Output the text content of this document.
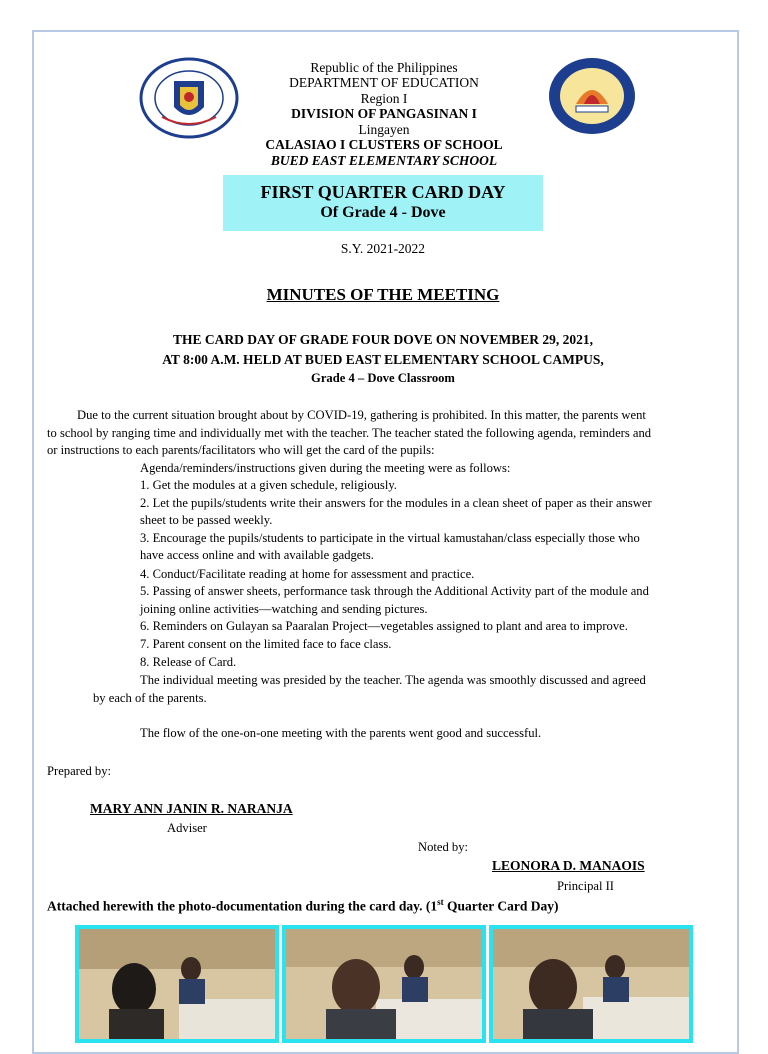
Republic of the Philippines
DEPARTMENT OF EDUCATION
Region I
DIVISION OF PANGASINAN I
Lingayen
CALASIAO I CLUSTERS OF SCHOOL
BUED EAST ELEMENTARY SCHOOL
FIRST QUARTER CARD DAY
Of Grade 4 - Dove
S.Y. 2021-2022
MINUTES OF THE MEETING
THE CARD DAY OF GRADE FOUR DOVE ON NOVEMBER 29, 2021,
AT 8:00 A.M. HELD AT BUED EAST ELEMENTARY SCHOOL CAMPUS,
Grade 4 – Dove Classroom
Due to the current situation brought about by COVID-19, gathering is prohibited. In this matter, the parents went
to school by ranging time and individually met with the teacher. The teacher stated the following agenda, reminders and
or instructions to each parents/facilitators who will get the card of the pupils:
Agenda/reminders/instructions given during the meeting were as follows:
1. Get the modules at a given schedule, religiously.
2. Let the pupils/students write their answers for the modules in a clean sheet of paper as their answer
sheet to be passed weekly.
3. Encourage the pupils/students to participate in the virtual kamustahan/class especially those who
have access online and with available gadgets.
4. Conduct/Facilitate reading at home for assessment and practice.
5. Passing of answer sheets, performance task through the Additional Activity part of the module and
joining online activities—watching and sending pictures.
6. Reminders on Gulayan sa Paaralan Project—vegetables assigned to plant and area to improve.
7. Parent consent on the limited face to face class.
8. Release of Card.
The individual meeting was presided by the teacher. The agenda was smoothly discussed and agreed
by each of the parents.
The flow of the one-on-one meeting with the parents went good and successful.
Prepared by:
MARY ANN JANIN R. NARANJA
Adviser
Noted by:
LEONORA D. MANAOIS
Principal II
Attached herewith the photo-documentation during the card day. (1st Quarter Card Day)
